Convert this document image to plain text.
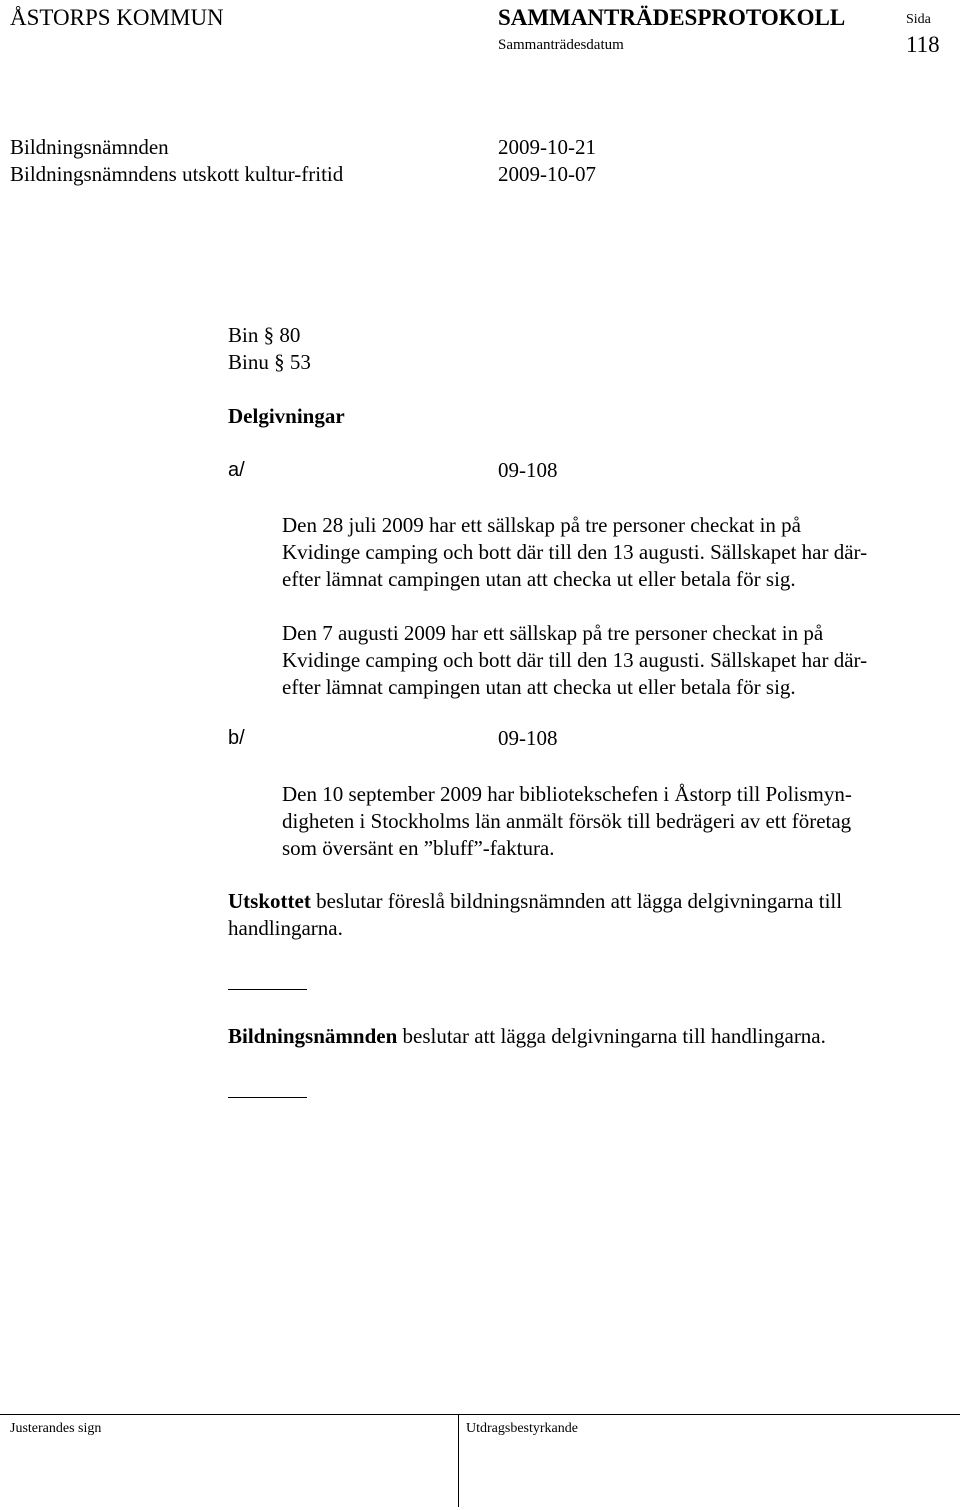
ÅSTORPS KOMMUN	SAMMANTRÄDESPROTOKOLL	Sida
Sammanträdesdatum	118
Bildningsnämnden	2009-10-21
Bildningsnämndens utskott kultur-fritid	2009-10-07
Bin § 80
Binu § 53
Delgivningar
a/	09-108
Den 28 juli 2009 har ett sällskap på tre personer checkat in på
Kvidinge camping och bott där till den 13 augusti. Sällskapet har där-
efter lämnat campingen utan att checka ut eller betala för sig.
Den 7 augusti 2009 har ett sällskap på tre personer checkat in på
Kvidinge camping och bott där till den 13 augusti. Sällskapet har där-
efter lämnat campingen utan att checka ut eller betala för sig.
b/	09-108
Den 10 september 2009 har bibliotekschefen i Åstorp till Polismyn-
digheten i Stockholms län anmält försök till bedrägeri av ett företag
som översänt en ”bluff”-faktura.
Utskottet beslutar föreslå bildningsnämnden att lägga delgivningarna till
handlingarna.
Bildningsnämnden beslutar att lägga delgivningarna till handlingarna.
Justerandes sign	Utdragsbestyrkande
